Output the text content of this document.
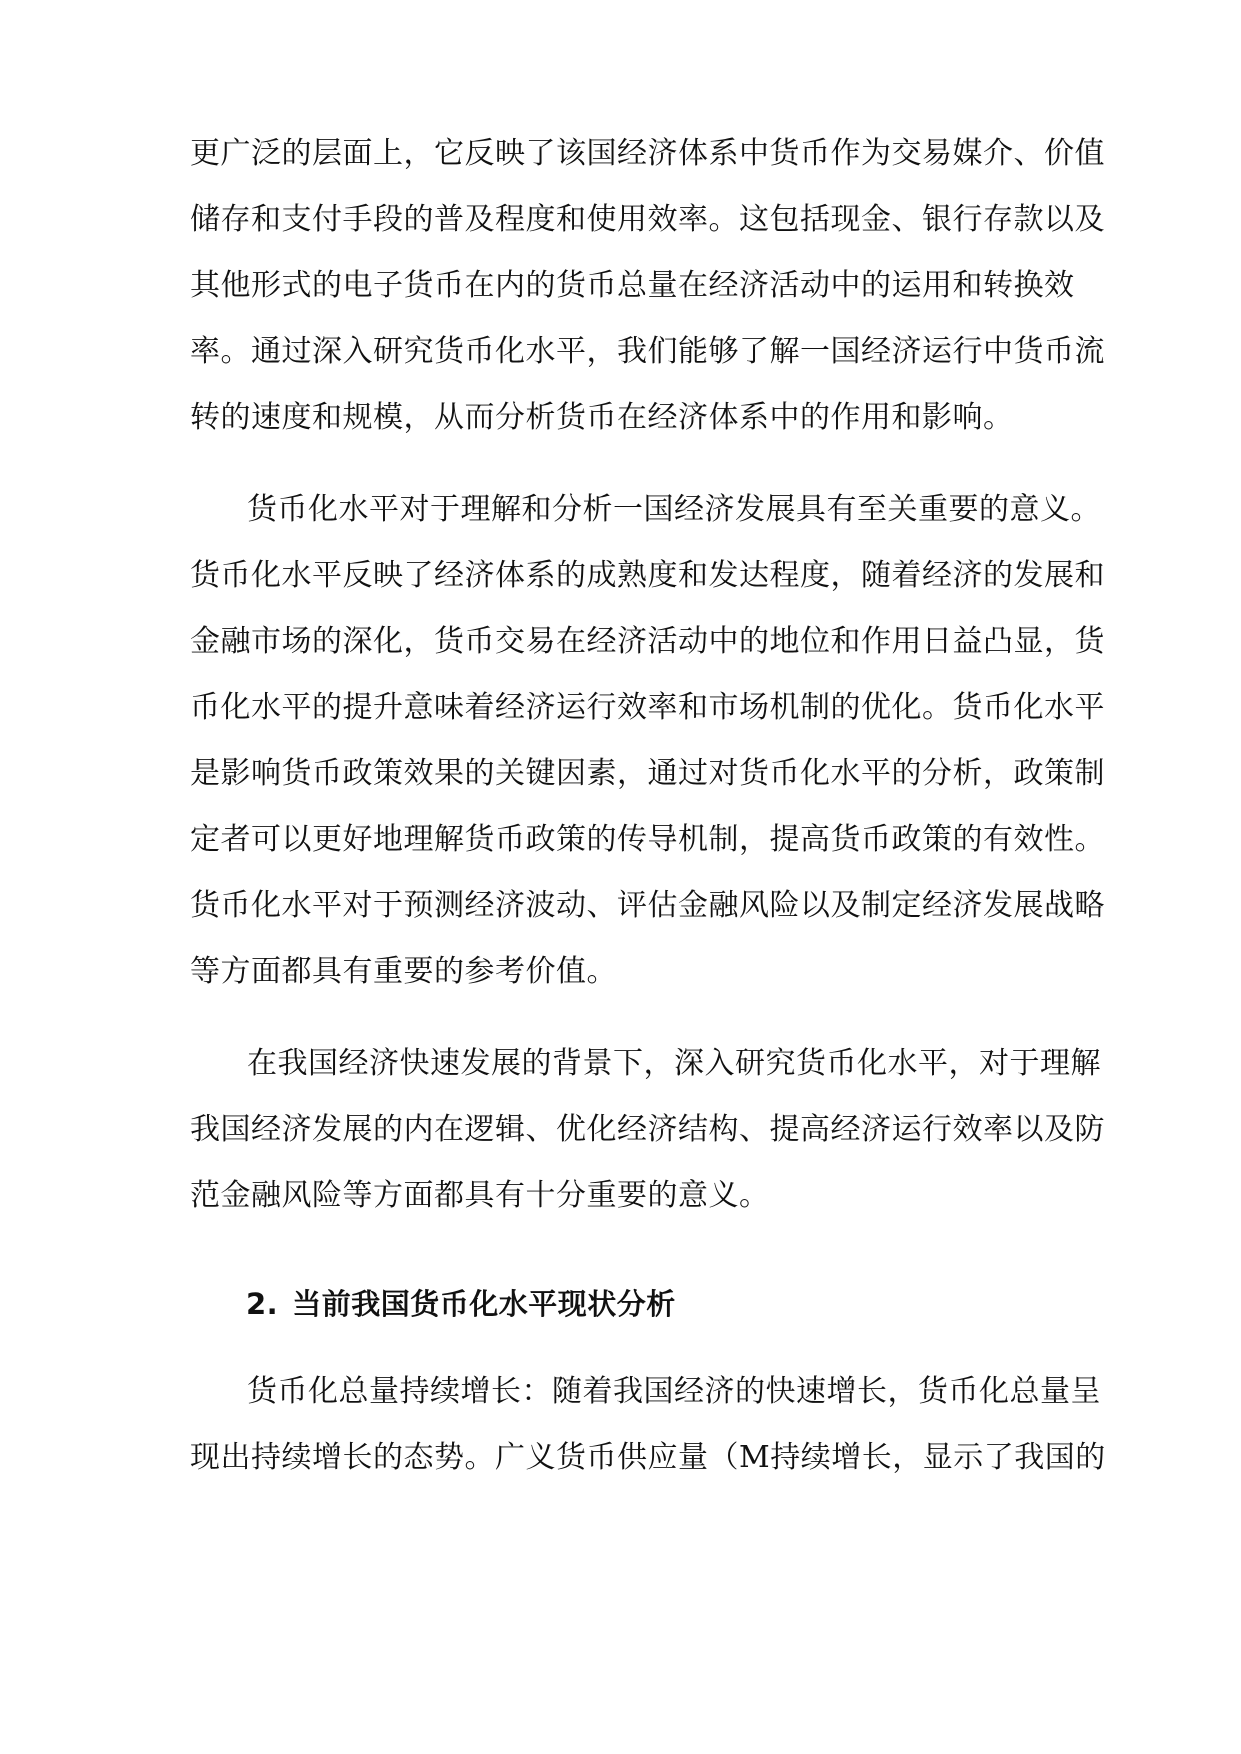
更广泛的层面上，它反映了该国经济体系中货币作为交易媒介、价值
储存和支付手段的普及程度和使用效率。这包括现金、银行存款以及
其他形式的电子货币在内的货币总量在经济活动中的运用和转换效
率。通过深入研究货币化水平，我们能够了解一国经济运行中货币流
转的速度和规模，从而分析货币在经济体系中的作用和影响。
货币化水平对于理解和分析一国经济发展具有至关重要的意义。
货币化水平反映了经济体系的成熟度和发达程度，随着经济的发展和
金融市场的深化，货币交易在经济活动中的地位和作用日益凸显，货
币化水平的提升意味着经济运行效率和市场机制的优化。货币化水平
是影响货币政策效果的关键因素，通过对货币化水平的分析，政策制
定者可以更好地理解货币政策的传导机制，提高货币政策的有效性。
货币化水平对于预测经济波动、评估金融风险以及制定经济发展战略
等方面都具有重要的参考价值。
在我国经济快速发展的背景下，深入研究货币化水平，对于理解
我国经济发展的内在逻辑、优化经济结构、提高经济运行效率以及防
范金融风险等方面都具有十分重要的意义。
2. 当前我国货币化水平现状分析
货币化总量持续增长：随着我国经济的快速增长，货币化总量呈
现出持续增长的态势。广义货币供应量（M持续增长，显示了我国的
